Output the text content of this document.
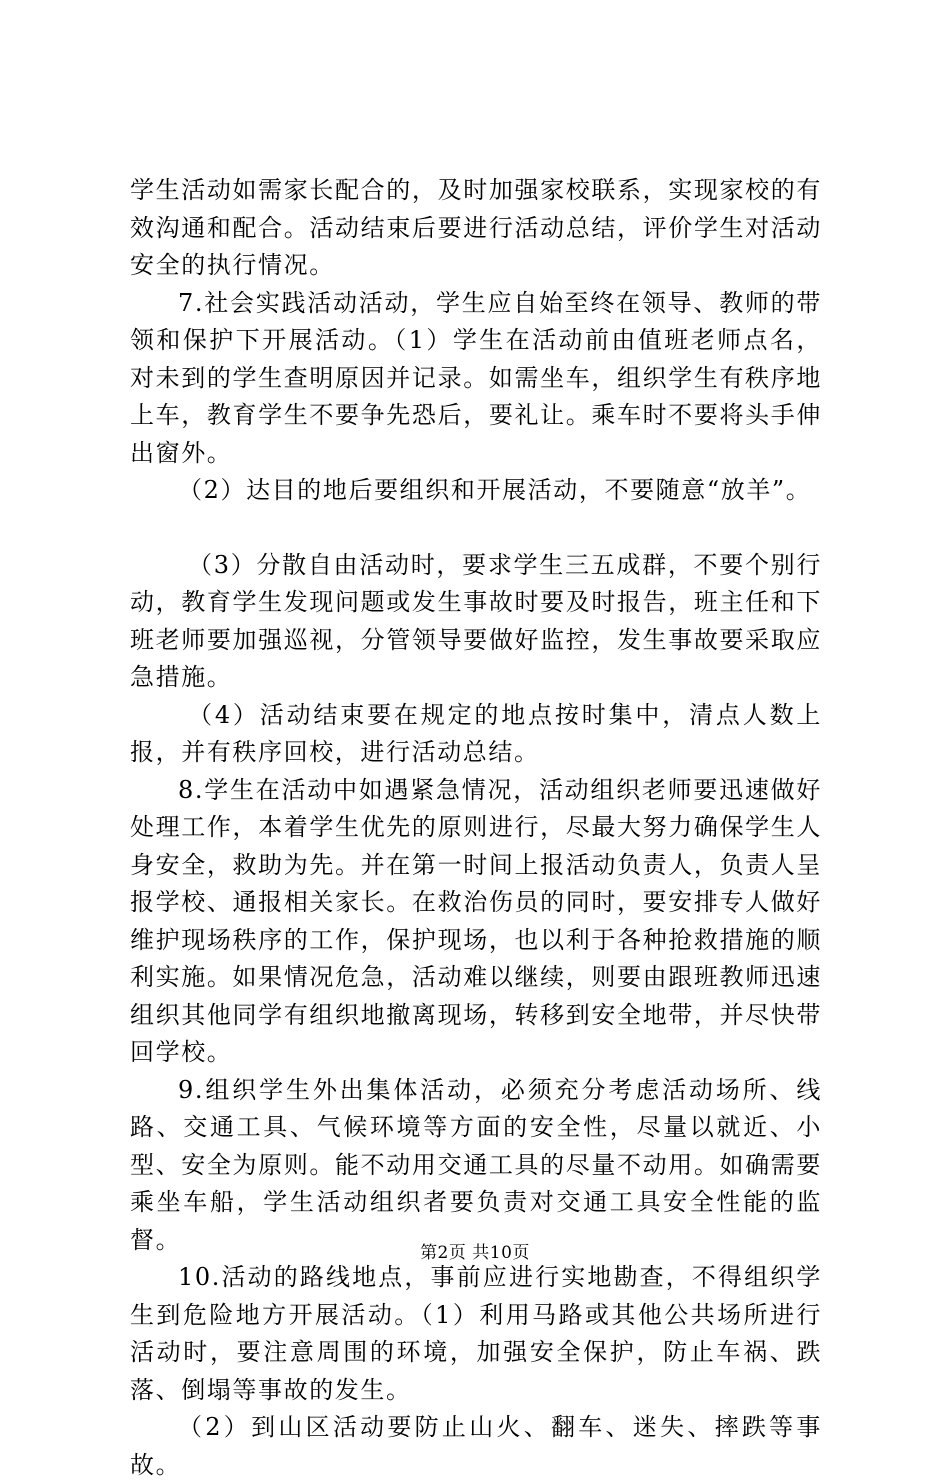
学生活动如需家长配合的，及时加强家校联系，实现家校的有效沟通和配合。活动结束后要进行活动总结，评价学生对活动安全的执行情况。

7.社会实践活动活动，学生应自始至终在领导、教师的带领和保护下开展活动。（1）学生在活动前由值班老师点名，对未到的学生查明原因并记录。如需坐车，组织学生有秩序地上车，教育学生不要争先恐后，要礼让。乘车时不要将头手伸出窗外。

（2）达目的地后要组织和开展活动，不要随意“放羊”。

（3）分散自由活动时，要求学生三五成群，不要个别行动，教育学生发现问题或发生事故时要及时报告，班主任和下班老师要加强巡视，分管领导要做好监控，发生事故要采取应急措施。

（4）活动结束要在规定的地点按时集中，清点人数上报，并有秩序回校，进行活动总结。

8.学生在活动中如遇紧急情况，活动组织老师要迅速做好处理工作，本着学生优先的原则进行，尽最大努力确保学生人身安全，救助为先。并在第一时间上报活动负责人，负责人呈报学校、通报相关家长。在救治伤员的同时，要安排专人做好维护现场秩序的工作，保护现场，也以利于各种抢救措施的顺利实施。如果情况危急，活动难以继续，则要由跟班教师迅速组织其他同学有组织地撤离现场，转移到安全地带，并尽快带回学校。

9.组织学生外出集体活动，必须充分考虑活动场所、线路、交通工具、气候环境等方面的安全性，尽量以就近、小型、安全为原则。能不动用交通工具的尽量不动用。如确需要乘坐车船，学生活动组织者要负责对交通工具安全性能的监督。

10.活动的路线地点，事前应进行实地勘查，不得组织学生到危险地方开展活动。（1）利用马路或其他公共场所进行活动时，要注意周围的环境，加强安全保护，防止车祸、跌落、倒塌等事故的发生。

（2）到山区活动要防止山火、翻车、迷失、摔跌等事故。

第2页 共10页
